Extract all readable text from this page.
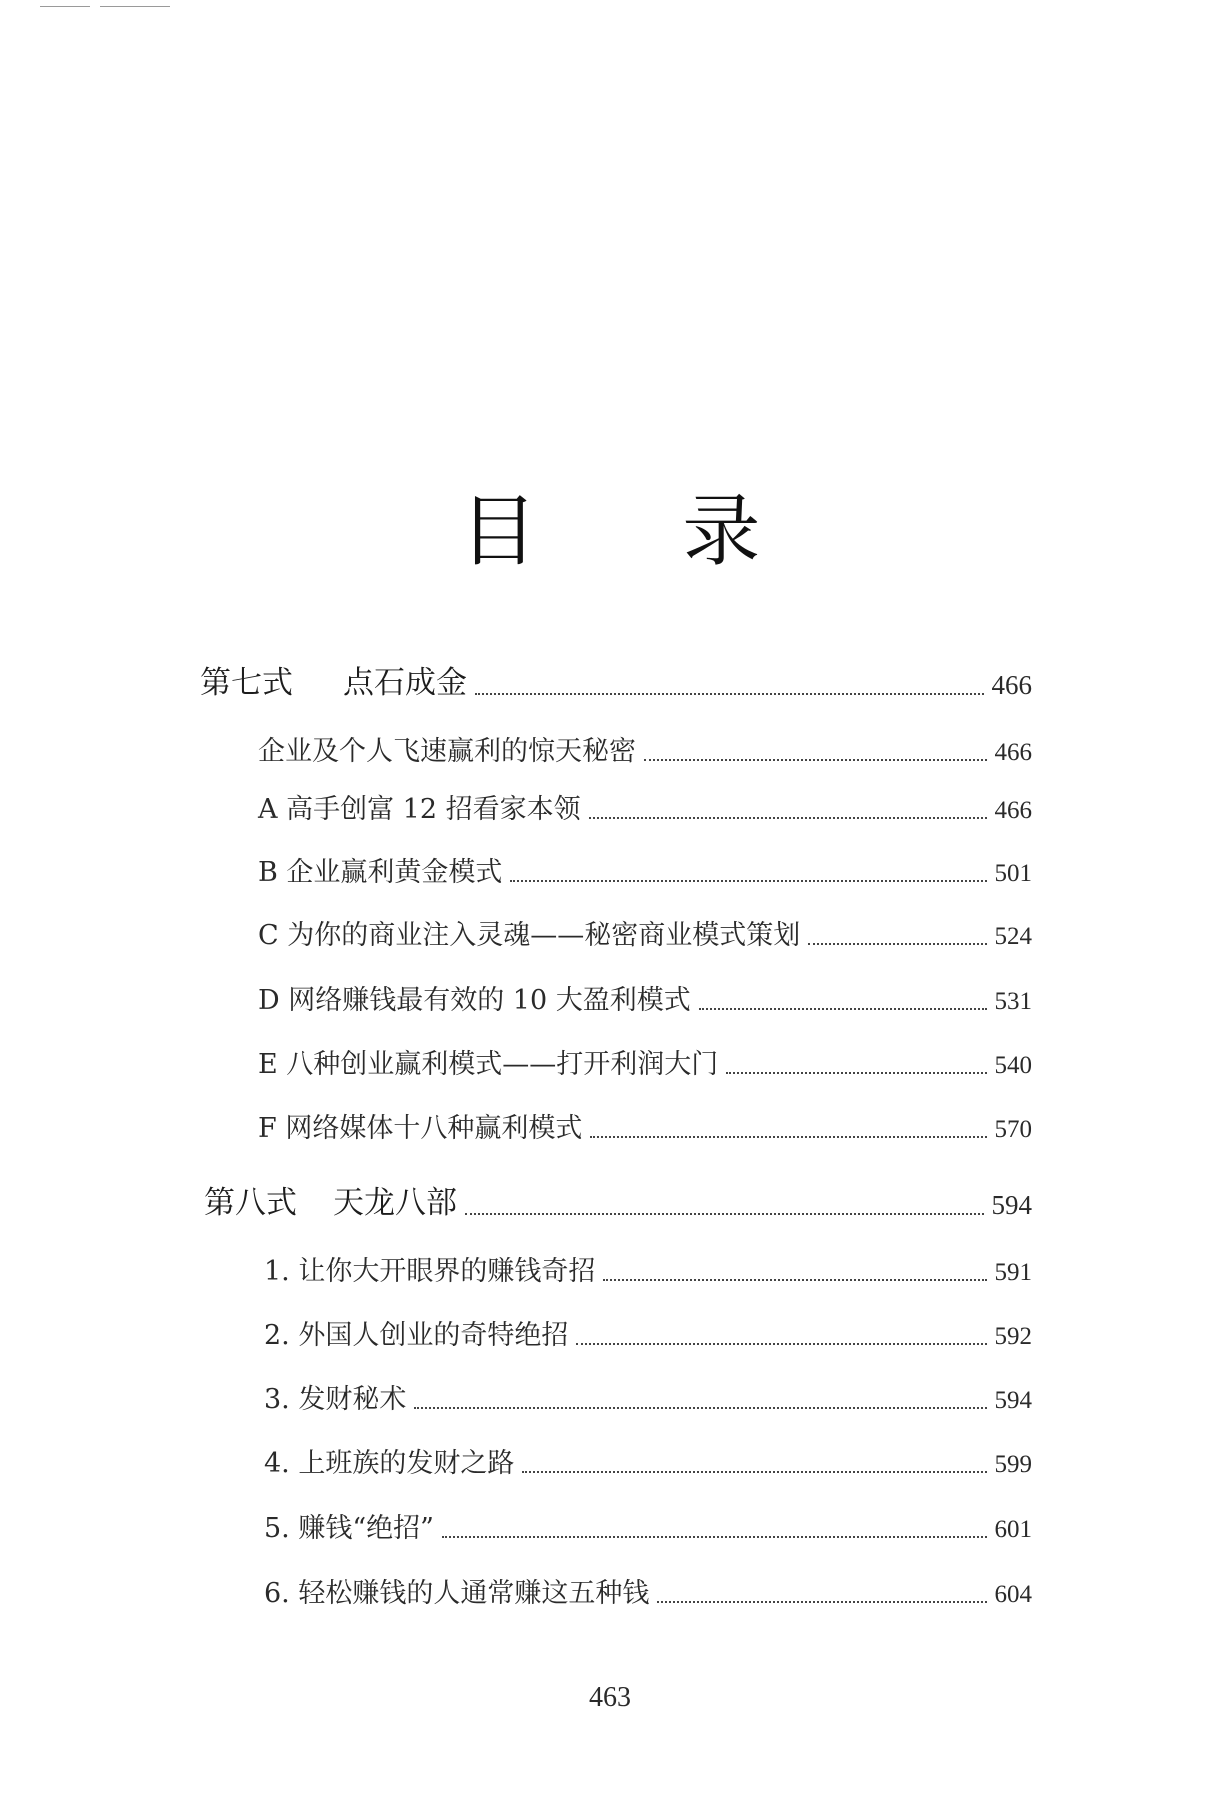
目 录
第七式 点石成金	466
企业及个人飞速赢利的惊天秘密	466
A 高手创富 12 招看家本领	466
B 企业赢利黄金模式	501
C 为你的商业注入灵魂——秘密商业模式策划	524
D 网络赚钱最有效的 10 大盈利模式	531
E 八种创业赢利模式——打开利润大门	540
F 网络媒体十八种赢利模式	570
第八式 天龙八部	594
1. 让你大开眼界的赚钱奇招	591
2. 外国人创业的奇特绝招	592
3. 发财秘术	594
4. 上班族的发财之路	599
5. 赚钱“绝招”	601
6. 轻松赚钱的人通常赚这五种钱	604
463
